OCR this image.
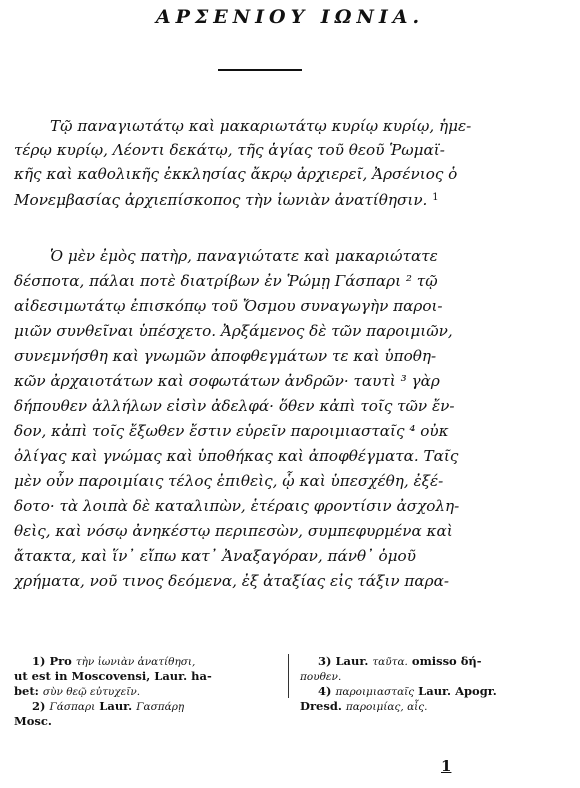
ΑΡΣΕΝΙΟΥ ΙΩΝΙΑ.
Τῷ παναγιωτάτῳ καὶ μακαριωτάτῳ κυρίῳ κυρίῳ, ἡμε-
τέρῳ κυρίῳ, Λέοντι δεκάτῳ, τῆς ἁγίας τοῦ θεοῦ Ῥωμαϊ-
κῆς καὶ καθολικῆς ἐκκλησίας ἄκρῳ ἀρχιερεῖ, Ἀρσένιος ὁ
Μονεμβασίας ἀρχιεπίσκοπος τὴν ἰωνιὰν ἀνατίθησιν. $^1$
Ὁ μὲν ἐμὸς πατὴρ, παναγιώτατε καὶ μακαριώτατε
δέσποτα, πάλαι ποτὲ διατρίβων ἐν Ῥώμῃ Γάσπαρι ² τῷ
αἰδεσιμωτάτῳ ἐπισκόπῳ τοῦ Ὄσμου συναγωγὴν παροι-
μιῶν συνθεῖναι ὑπέσχετο. Ἀρξάμενος δὲ τῶν παροιμιῶν,
συνεμνήσθη καὶ γνωμῶν ἀποφθεγμάτων τε καὶ ὑποθη-
κῶν ἀρχαιοτάτων καὶ σοφωτάτων ἀνδρῶν· ταυτὶ ³ γὰρ
δήπουθεν ἀλλήλων εἰσὶν ἀδελφά· ὅθεν κἀπὶ τοῖς τῶν ἔν-
δον, κἀπὶ τοῖς ἔξωθεν ἔστιν εὑρεῖν παροιμιασταῖς ⁴ οὐκ
ὀλίγας καὶ γνώμας καὶ ὑποθήκας καὶ ἀποφθέγματα. Ταῖς
μὲν οὖν παροιμίαις τέλος ἐπιθεὶς, ᾧ καὶ ὑπεσχέθη, ἐξέ-
δοτο· τὰ λοιπὰ δὲ καταλιπὼν, ἑτέραις φροντίσιν ἀσχολη-
θεὶς, καὶ νόσῳ ἀνηκέστῳ περιπεσὼν, συμπεφυρμένα καὶ
ἄτακτα, καὶ ἵν᾿ εἴπω κατ᾿ Ἀναξαγόραν, πάνθ᾿ ὁμοῦ
χρήματα, νοῦ τινος δεόμενα, ἐξ ἀταξίας εἰς τάξιν παρα-
1) Pro τὴν ἰωνιὰν ἀνατίθησι,
ut est in Moscovensi, Laur. ha-
bet: σὺν θεῷ εὐτυχεῖν.
2) Γάσπαρι Laur. Γασπάρῃ
Mosc.
3) Laur. ταῦτα. omisso δή-
πουθεν.
4) παροιμιασταῖς Laur. Apogr.
Dresd. παροιμίας, αἷς.
1
